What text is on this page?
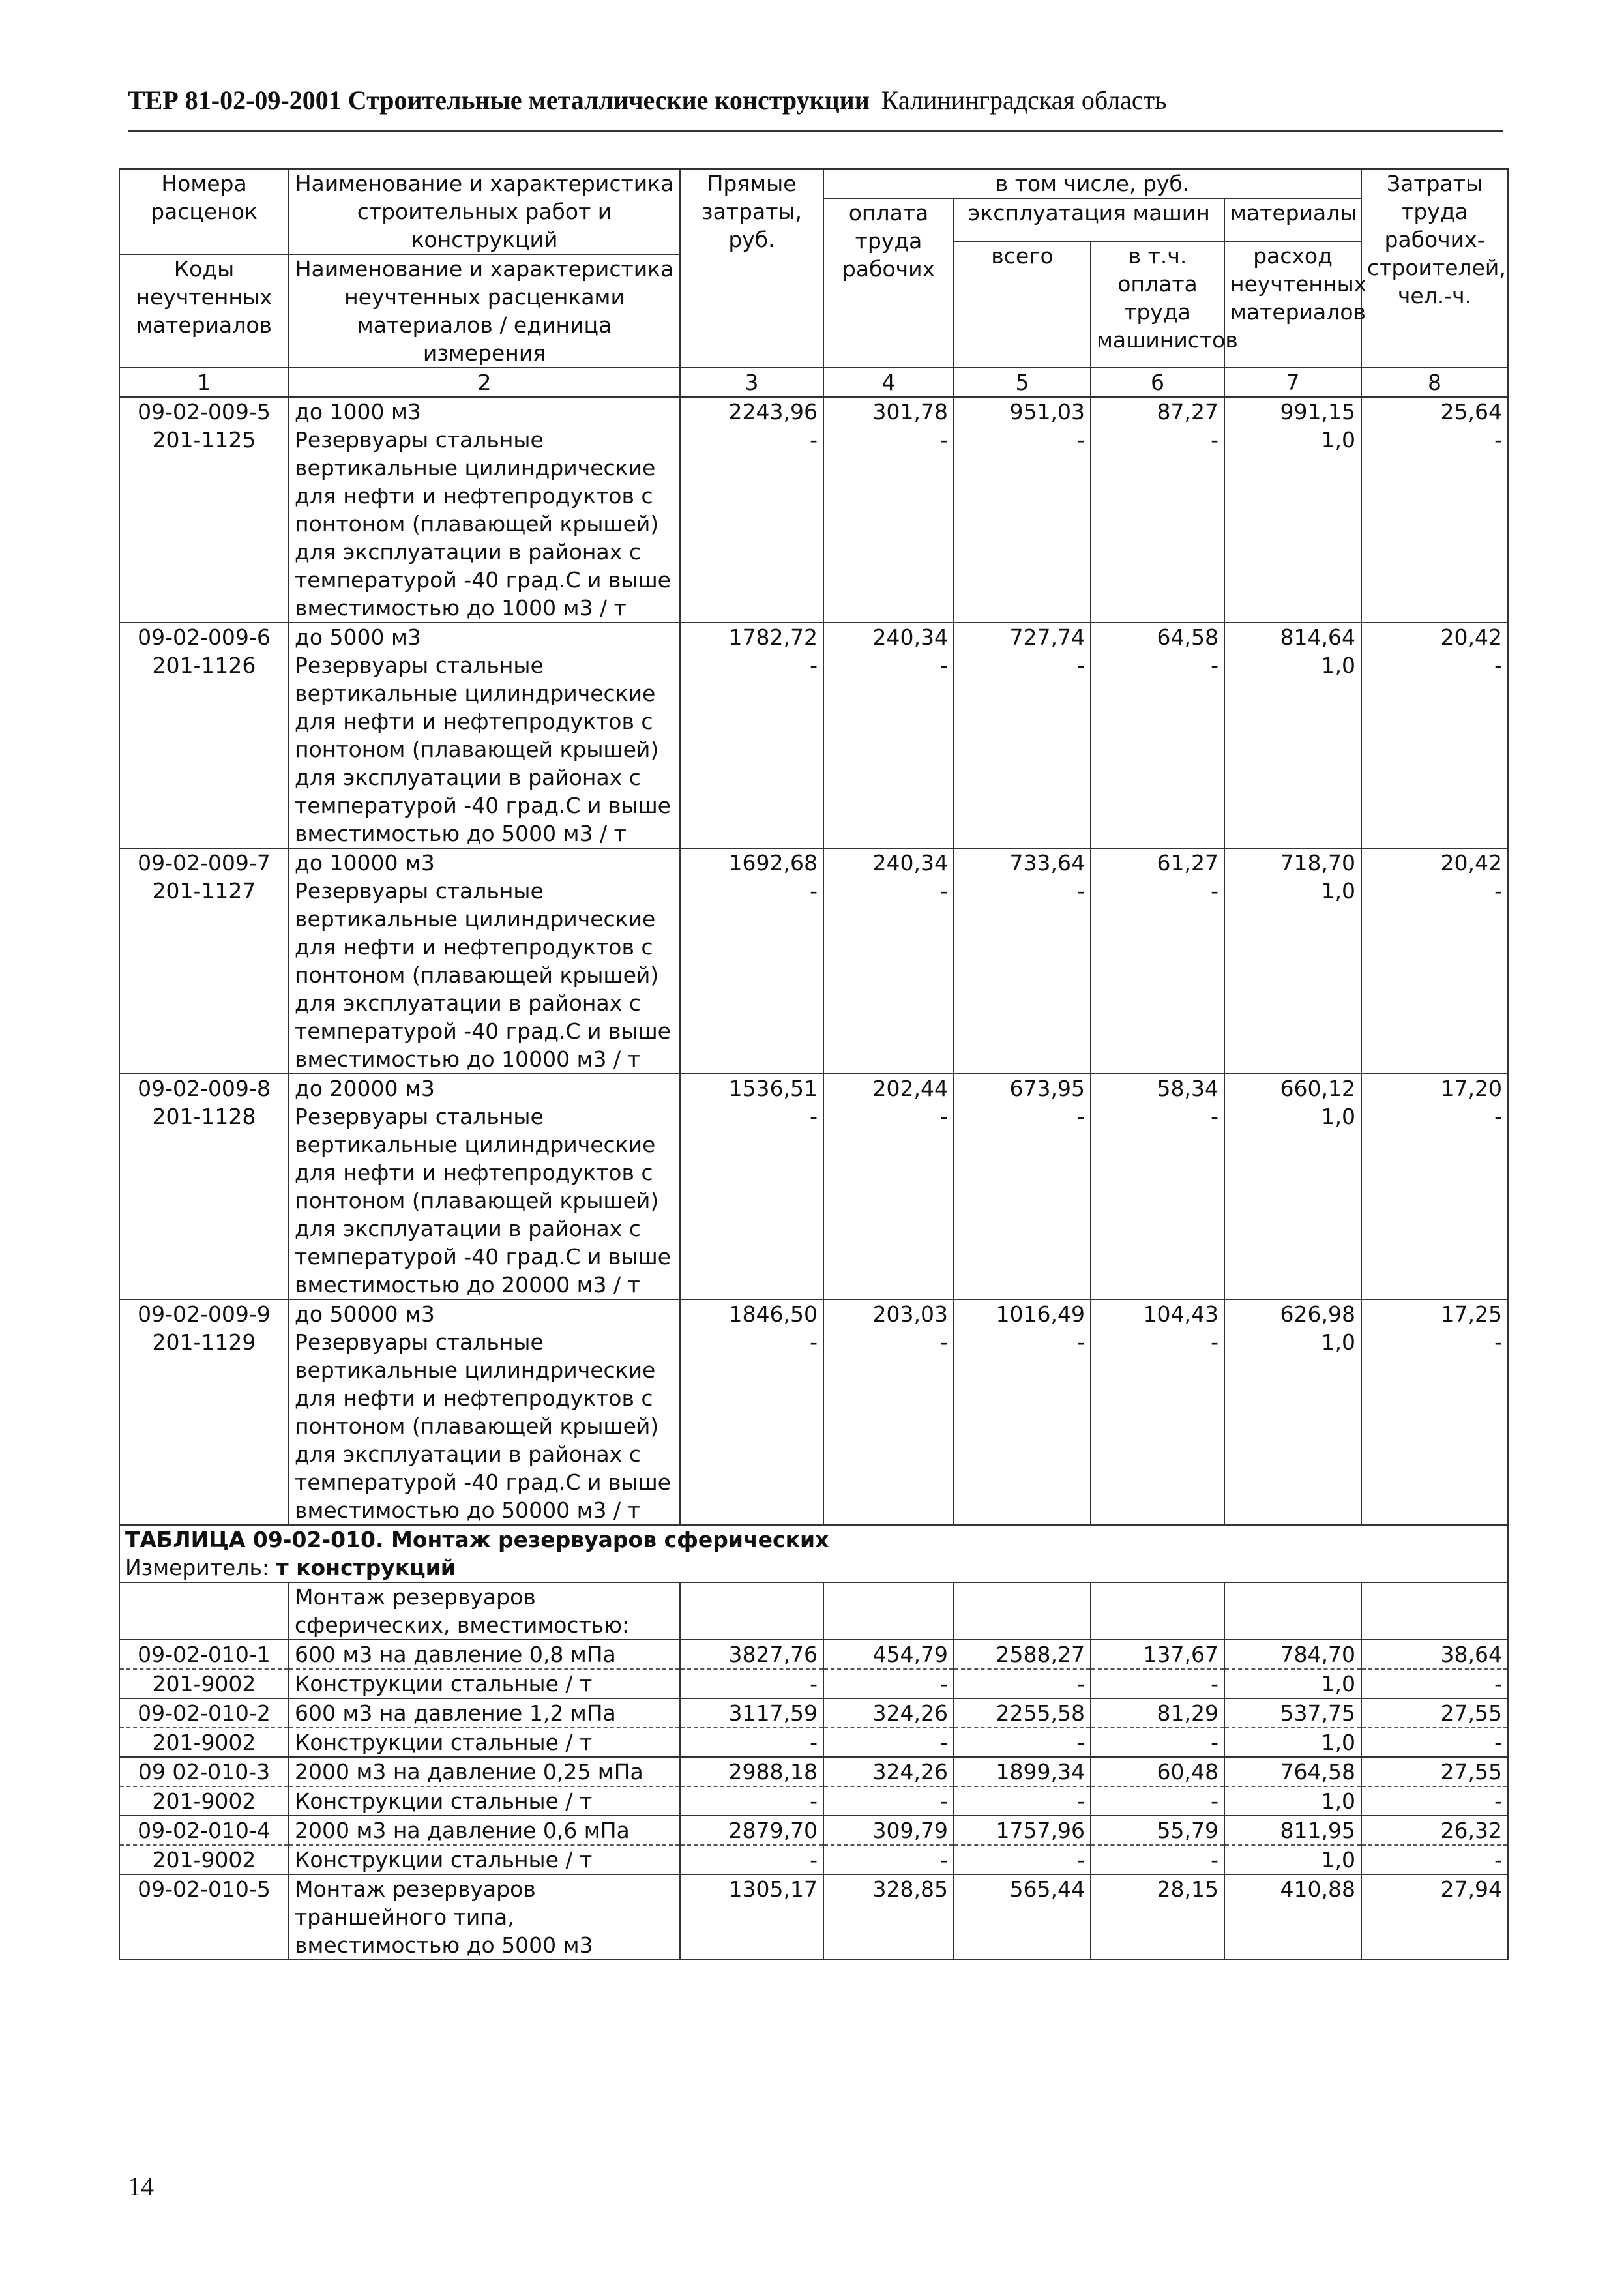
ТЕР 81-02-09-2001 Строительные металлические конструкции Калининградская область
Номера расценок	Наименование и характеристика строительных работ и конструкций	Прямые затраты, руб.	в том числе, руб.				Затраты труда рабочих-строителей, чел.-ч.
			оплата труда рабочих	эксплуатация машин		материалы	
				всего	в т.ч. оплата труда машинистов	расход неучтенных материалов	
Коды неучтенных материалов	Наименование и характеристика неучтенных расценками материалов / единица измерения						

1	2	3	4	5	6	7	8
09-02-009-5	до 1000 м3	2243,96	301,78	951,03	87,27	991,15	25,64
201-1125	Резервуары стальные вертикальные цилиндрические для нефти и нефтепродуктов с понтоном (плавающей крышей) для эксплуатации в районах с температурой -40 град.С и выше вместимостью до 1000 м3 / т	-	-	-	-	1,0	-
09-02-009-6	до 5000 м3	1782,72	240,34	727,74	64,58	814,64	20,42
201-1126	Резервуары стальные вертикальные цилиндрические для нефти и нефтепродуктов с понтоном (плавающей крышей) для эксплуатации в районах с температурой -40 град.С и выше вместимостью до 5000 м3 / т	-	-	-	-	1,0	-
09-02-009-7	до 10000 м3	1692,68	240,34	733,64	61,27	718,70	20,42
201-1127	Резервуары стальные вертикальные цилиндрические для нефти и нефтепродуктов с понтоном (плавающей крышей) для эксплуатации в районах с температурой -40 град.С и выше вместимостью до 10000 м3 / т	-	-	-	-	1,0	-
09-02-009-8	до 20000 м3	1536,51	202,44	673,95	58,34	660,12	17,20
201-1128	Резервуары стальные вертикальные цилиндрические для нефти и нефтепродуктов с понтоном (плавающей крышей) для эксплуатации в районах с температурой -40 град.С и выше вместимостью до 20000 м3 / т	-	-	-	-	1,0	-
09-02-009-9	до 50000 м3	1846,50	203,03	1016,49	104,43	626,98	17,25
201-1129	Резервуары стальные вертикальные цилиндрические для нефти и нефтепродуктов с понтоном (плавающей крышей) для эксплуатации в районах с температурой -40 град.С и выше вместимостью до 50000 м3 / т	-	-	-	-	1,0	-
ТАБЛИЦА 09-02-010. Монтаж резервуаров сферических							
Измеритель: т конструкций							
	Монтаж резервуаров сферических, вместимостью:						
09-02-010-1	600 м3 на давление 0,8 мПа	3827,76	454,79	2588,27	137,67	784,70	38,64
201-9002	Конструкции стальные / т	-	-	-	-	1,0	-
09-02-010-2	600 м3 на давление 1,2 мПа	3117,59	324,26	2255,58	81,29	537,75	27,55
201-9002	Конструкции стальные / т	-	-	-	-	1,0	-
09 02-010-3	2000 м3 на давление 0,25 мПа	2988,18	324,26	1899,34	60,48	764,58	27,55
201-9002	Конструкции стальные / т	-	-	-	-	1,0	-
09-02-010-4	2000 м3 на давление 0,6 мПа	2879,70	309,79	1757,96	55,79	811,95	26,32
201-9002	Конструкции стальные / т	-	-	-	-	1,0	-
09-02-010-5	Монтаж резервуаров траншейного типа, вместимостью до 5000 м3	1305,17	328,85	565,44	28,15	410,88	27,94
14
